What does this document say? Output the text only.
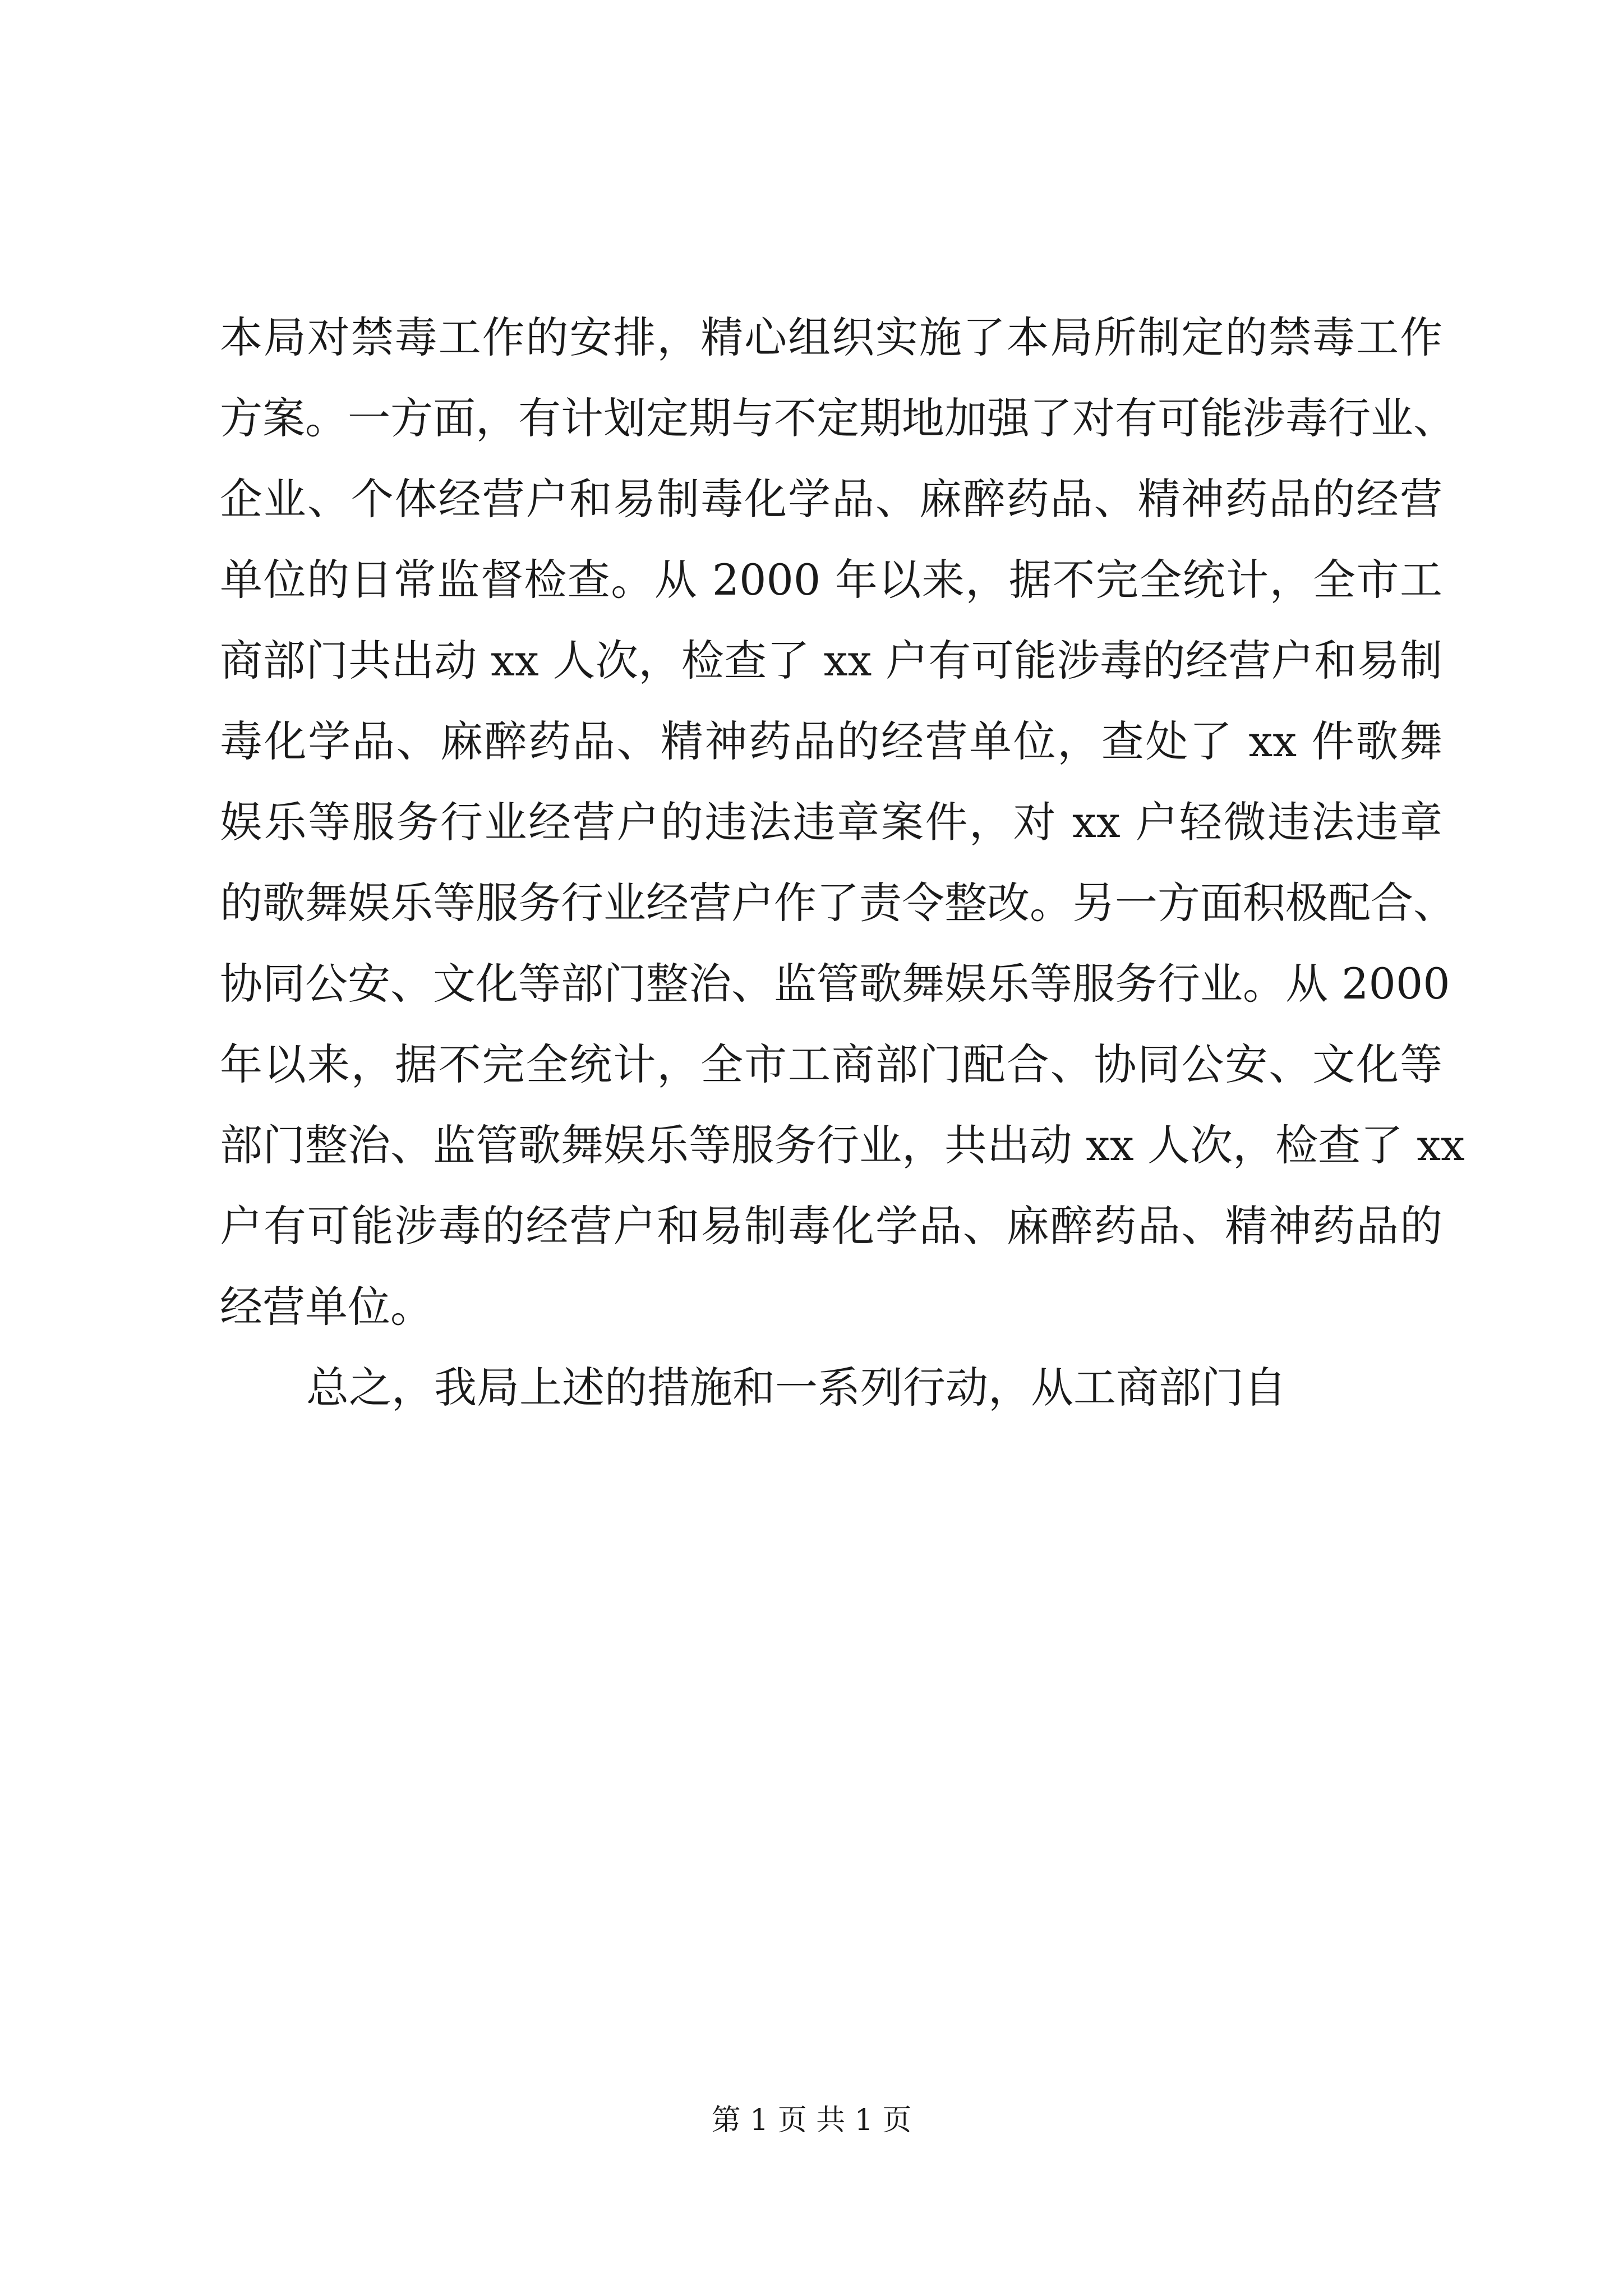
本局对禁毒工作的安排，精心组织实施了本局所制定的禁毒工作
方案。一方面，有计划定期与不定期地加强了对有可能涉毒行业、
企业、个体经营户和易制毒化学品、麻醉药品、精神药品的经营
单位的日常监督检查。从 2000 年以来，据不完全统计，全市工
商部门共出动 xx 人次，检查了 xx 户有可能涉毒的经营户和易制
毒化学品、麻醉药品、精神药品的经营单位，查处了 xx 件歌舞
娱乐等服务行业经营户的违法违章案件，对 xx 户轻微违法违章
的歌舞娱乐等服务行业经营户作了责令整改。另一方面积极配合、
协同公安、文化等部门整治、监管歌舞娱乐等服务行业。从 2000
年以来，据不完全统计，全市工商部门配合、协同公安、文化等
部门整治、监管歌舞娱乐等服务行业，共出动 xx 人次，检查了 xx
户有可能涉毒的经营户和易制毒化学品、麻醉药品、精神药品的
经营单位。
总之，我局上述的措施和一系列行动，从工商部门自
第 1 页 共 1 页
